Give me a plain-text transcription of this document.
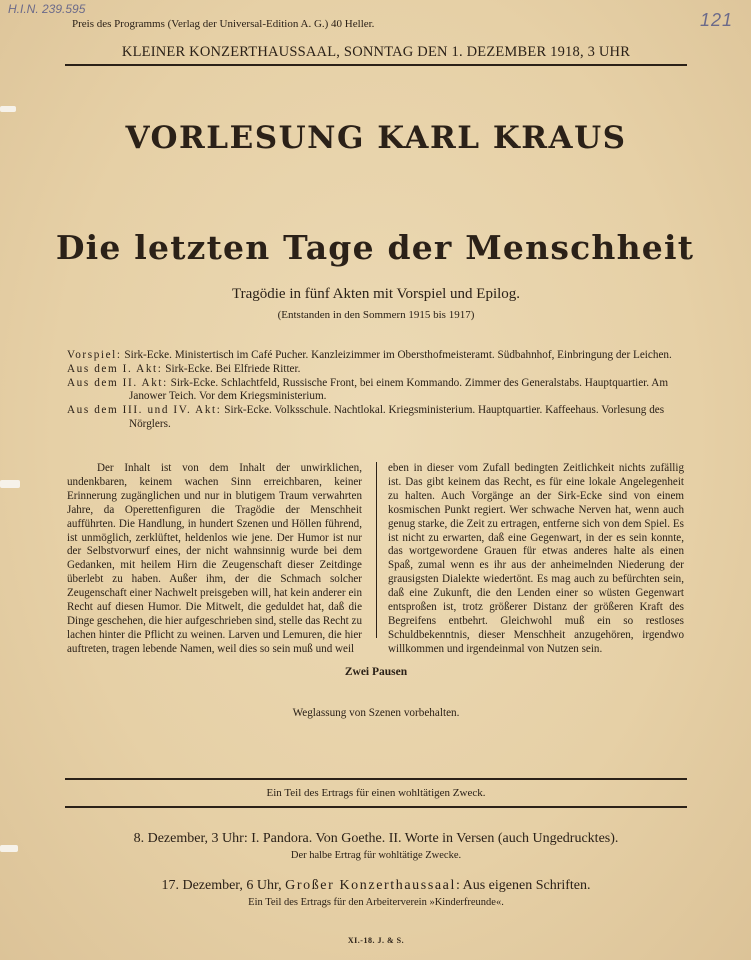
H.I.N. 239.595
121
Preis des Programms (Verlag der Universal-Edition A. G.) 40 Heller.
KLEINER KONZERTHAUSSAAL, SONNTAG DEN 1. DEZEMBER 1918, 3 UHR
VORLESUNG KARL KRAUS
Die letzten Tage der Menschheit
Tragödie in fünf Akten mit Vorspiel und Epilog.
(Entstanden in den Sommern 1915 bis 1917)
Vorspiel: Sirk-Ecke. Ministertisch im Café Pucher. Kanzleizimmer im Obersthofmeisteramt. Südbahnhof, Einbringung der Leichen.
Aus dem I. Akt: Sirk-Ecke. Bei Elfriede Ritter.
Aus dem II. Akt: Sirk-Ecke. Schlachtfeld, Russische Front, bei einem Kommando. Zimmer des Generalstabs. Hauptquartier. Am Janower Teich. Vor dem Kriegsministerium.
Aus dem III. und IV. Akt: Sirk-Ecke. Volksschule. Nachtlokal. Kriegsministerium. Hauptquartier. Kaffeehaus. Vorlesung des Nörglers.
Der Inhalt ist von dem Inhalt der unwirklichen, undenkbaren, keinem wachen Sinn erreichbaren, keiner Erinnerung zugänglichen und nur in blutigem Traum verwahrten Jahre, da Operettenfiguren die Tragödie der Menschheit aufführten. Die Handlung, in hundert Szenen und Höllen führend, ist unmöglich, zerklüftet, heldenlos wie jene. Der Humor ist nur der Selbstvorwurf eines, der nicht wahnsinnig wurde bei dem Gedanken, mit heilem Hirn die Zeugenschaft dieser Zeitdinge überlebt zu haben. Außer ihm, der die Schmach solcher Zeugenschaft einer Nachwelt preisgeben will, hat kein anderer ein Recht auf diesen Humor. Die Mitwelt, die geduldet hat, daß die Dinge geschehen, die hier aufgeschrieben sind, stelle das Recht zu lachen hinter die Pflicht zu weinen. Larven und Lemuren, die hier auftreten, tragen lebende Namen, weil dies so sein muß und weil
eben in dieser vom Zufall bedingten Zeitlichkeit nichts zufällig ist. Das gibt keinem das Recht, es für eine lokale Angelegenheit zu halten. Auch Vorgänge an der Sirk-Ecke sind von einem kosmischen Punkt regiert. Wer schwache Nerven hat, wenn auch genug starke, die Zeit zu ertragen, entferne sich von dem Spiel. Es ist nicht zu erwarten, daß eine Gegenwart, in der es sein konnte, das wortgewordene Grauen für etwas anderes halte als einen Spaß, zumal wenn es ihr aus der anheimelnden Niederung der grausigsten Dialekte wiedertönt. Es mag auch zu befürchten sein, daß eine Zukunft, die den Lenden einer so wüsten Gegenwart entsproßen ist, trotz größerer Distanz der größeren Kraft des Begreifens entbehrt. Gleichwohl muß ein so restloses Schuldbekenntnis, dieser Menschheit anzugehören, irgendwo willkommen und irgendeinmal von Nutzen sein.
Zwei Pausen
Weglassung von Szenen vorbehalten.
Ein Teil des Ertrags für einen wohltätigen Zweck.
8. Dezember, 3 Uhr: I. Pandora. Von Goethe. II. Worte in Versen (auch Ungedrucktes).
Der halbe Ertrag für wohltätige Zwecke.
17. Dezember, 6 Uhr, Großer Konzerthaussaal: Aus eigenen Schriften.
Ein Teil des Ertrags für den Arbeiterverein »Kinderfreunde«.
XI.-18. J. & S.
